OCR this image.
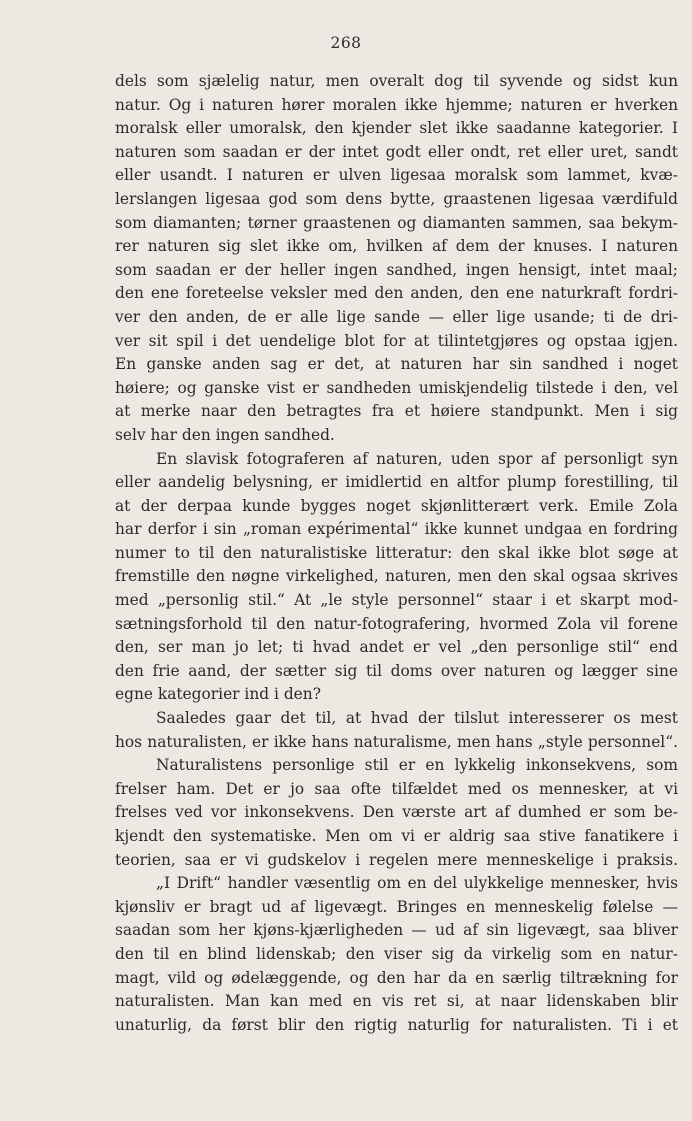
268
dels som sjælelig natur, men overalt dog til syvende og sidst kun
natur. Og i naturen hører moralen ikke hjemme; naturen er hverken
moralsk eller umoralsk, den kjender slet ikke saadanne kategorier. I
naturen som saadan er der intet godt eller ondt, ret eller uret, sandt
eller usandt. I naturen er ulven ligesaa moralsk som lammet, kvæ-
lerslangen ligesaa god som dens bytte, graastenen ligesaa værdifuld
som diamanten; tørner graastenen og diamanten sammen, saa bekym-
rer naturen sig slet ikke om, hvilken af dem der knuses. I naturen
som saadan er der heller ingen sandhed, ingen hensigt, intet maal;
den ene foreteelse veksler med den anden, den ene naturkraft fordri-
ver den anden, de er alle lige sande — eller lige usande; ti de dri-
ver sit spil i det uendelige blot for at tilintetgjøres og opstaa igjen.
En ganske anden sag er det, at naturen har sin sandhed i noget
høiere; og ganske vist er sandheden umiskjendelig tilstede i den, vel
at merke naar den betragtes fra et høiere standpunkt. Men i sig
selv har den ingen sandhed.
En slavisk fotograferen af naturen, uden spor af personligt syn
eller aandelig belysning, er imidlertid en altfor plump forestilling, til
at der derpaa kunde bygges noget skjønlitterært verk. Emile Zola
har derfor i sin „roman expérimental“ ikke kunnet undgaa en fordring
numer to til den naturalistiske litteratur: den skal ikke blot søge at
fremstille den nøgne virkelighed, naturen, men den skal ogsaa skrives
med „personlig stil.“ At „le style personnel“ staar i et skarpt mod-
sætningsforhold til den natur-fotografering, hvormed Zola vil forene
den, ser man jo let; ti hvad andet er vel „den personlige stil“ end
den frie aand, der sætter sig til doms over naturen og lægger sine
egne kategorier ind i den?
Saaledes gaar det til, at hvad der tilslut interesserer os mest
hos naturalisten, er ikke hans naturalisme, men hans „style personnel“.
Naturalistens personlige stil er en lykkelig inkonsekvens, som
frelser ham. Det er jo saa ofte tilfældet med os mennesker, at vi
frelses ved vor inkonsekvens. Den værste art af dumhed er som be-
kjendt den systematiske. Men om vi er aldrig saa stive fanatikere i
teorien, saa er vi gudskelov i regelen mere menneskelige i praksis.
„I Drift“ handler væsentlig om en del ulykkelige mennesker, hvis
kjønsliv er bragt ud af ligevægt. Bringes en menneskelig følelse —
saadan som her kjøns-kjærligheden — ud af sin ligevægt, saa bliver
den til en blind lidenskab; den viser sig da virkelig som en natur-
magt, vild og ødelæggende, og den har da en særlig tiltrækning for
naturalisten. Man kan med en vis ret si, at naar lidenskaben blir
unaturlig, da først blir den rigtig naturlig for naturalisten. Ti i et
